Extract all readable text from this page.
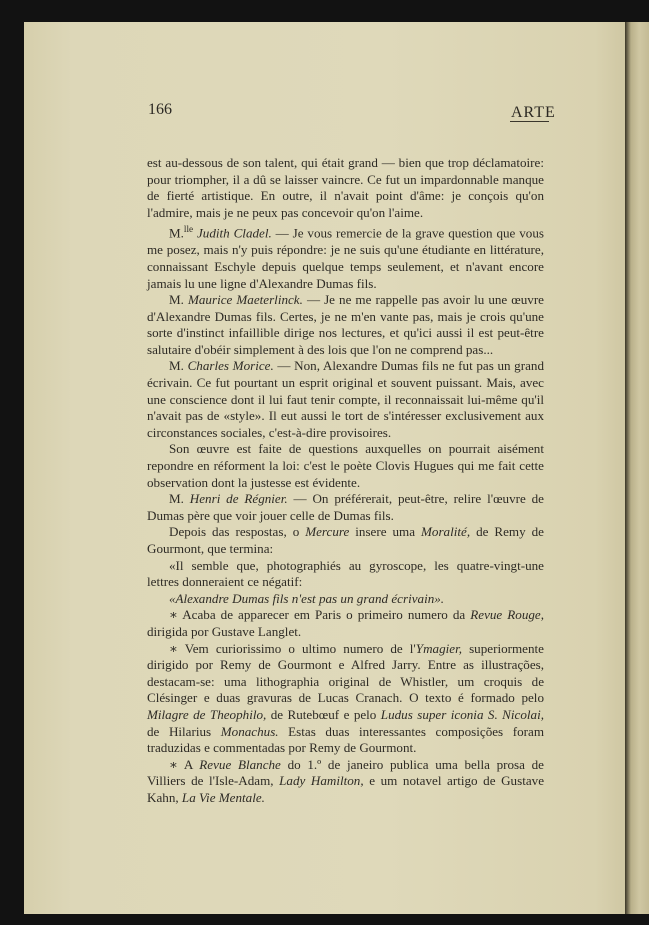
166	ARTE

est au-dessous de son talent, qui était grand — bien que trop déclamatoire: pour triompher, il a dû se laisser vaincre. Ce fut un impardonnable manque de fierté artistique. En outre, il n'avait point d'âme: je conçois qu'on l'admire, mais je ne peux pas concevoir qu'on l'aime.

M.$^{lle}$ Judith Cladel. — Je vous remercie de la grave question que vous me posez, mais n'y puis répondre: je ne suis qu'une étudiante en littérature, connaissant Eschyle depuis quelque temps seulement, et n'avant encore jamais lu une ligne d'Alexandre Dumas fils.

M. Maurice Maeterlinck. — Je ne me rappelle pas avoir lu une œuvre d'Alexandre Dumas fils. Certes, je ne m'en vante pas, mais je crois qu'une sorte d'instinct infaillible dirige nos lectures, et qu'ici aussi il est peut-être salutaire d'obéir simplement à des lois que l'on ne comprend pas...

M. Charles Morice. — Non, Alexandre Dumas fils ne fut pas un grand écrivain. Ce fut pourtant un esprit original et souvent puissant. Mais, avec une conscience dont il lui faut tenir compte, il reconnaissait lui-même qu'il n'avait pas de «style». Il eut aussi le tort de s'intéresser exclusivement aux circonstances sociales, c'est-à-dire provisoires.

Son œuvre est faite de questions auxquelles on pourrait aisément repondre en réforment la loi: c'est le poète Clovis Hugues qui me fait cette observation dont la justesse est évidente.

M. Henri de Régnier. — On préférerait, peut-être, relire l'œuvre de Dumas père que voir jouer celle de Dumas fils.

Depois das respostas, o Mercure insere uma Moralité, de Remy de Gourmont, que termina:

«Il semble que, photographiés au gyroscope, les quatre-vingt-une lettres donneraient ce négatif:

«Alexandre Dumas fils n'est pas un grand écrivain».

∗ Acaba de apparecer em Paris o primeiro numero da Revue Rouge, dirigida por Gustave Langlet.

∗ Vem curiorissimo o ultimo numero de l'Ymagier, superiormente dirigido por Remy de Gourmont e Alfred Jarry. Entre as illustrações, destacam-se: uma lithographia original de Whistler, um croquis de Clésinger e duas gravuras de Lucas Cranach. O texto é formado pelo Milagre de Theophilo, de Rutebœuf e pelo Ludus super iconia S. Nicolai, de Hilarius Monachus. Estas duas interessantes composições foram traduzidas e commentadas por Remy de Gourmont.

∗ A Revue Blanche do 1.º de janeiro publica uma bella prosa de Villiers de l'Isle-Adam, Lady Hamilton, e um notavel artigo de Gustave Kahn, La Vie Mentale.
